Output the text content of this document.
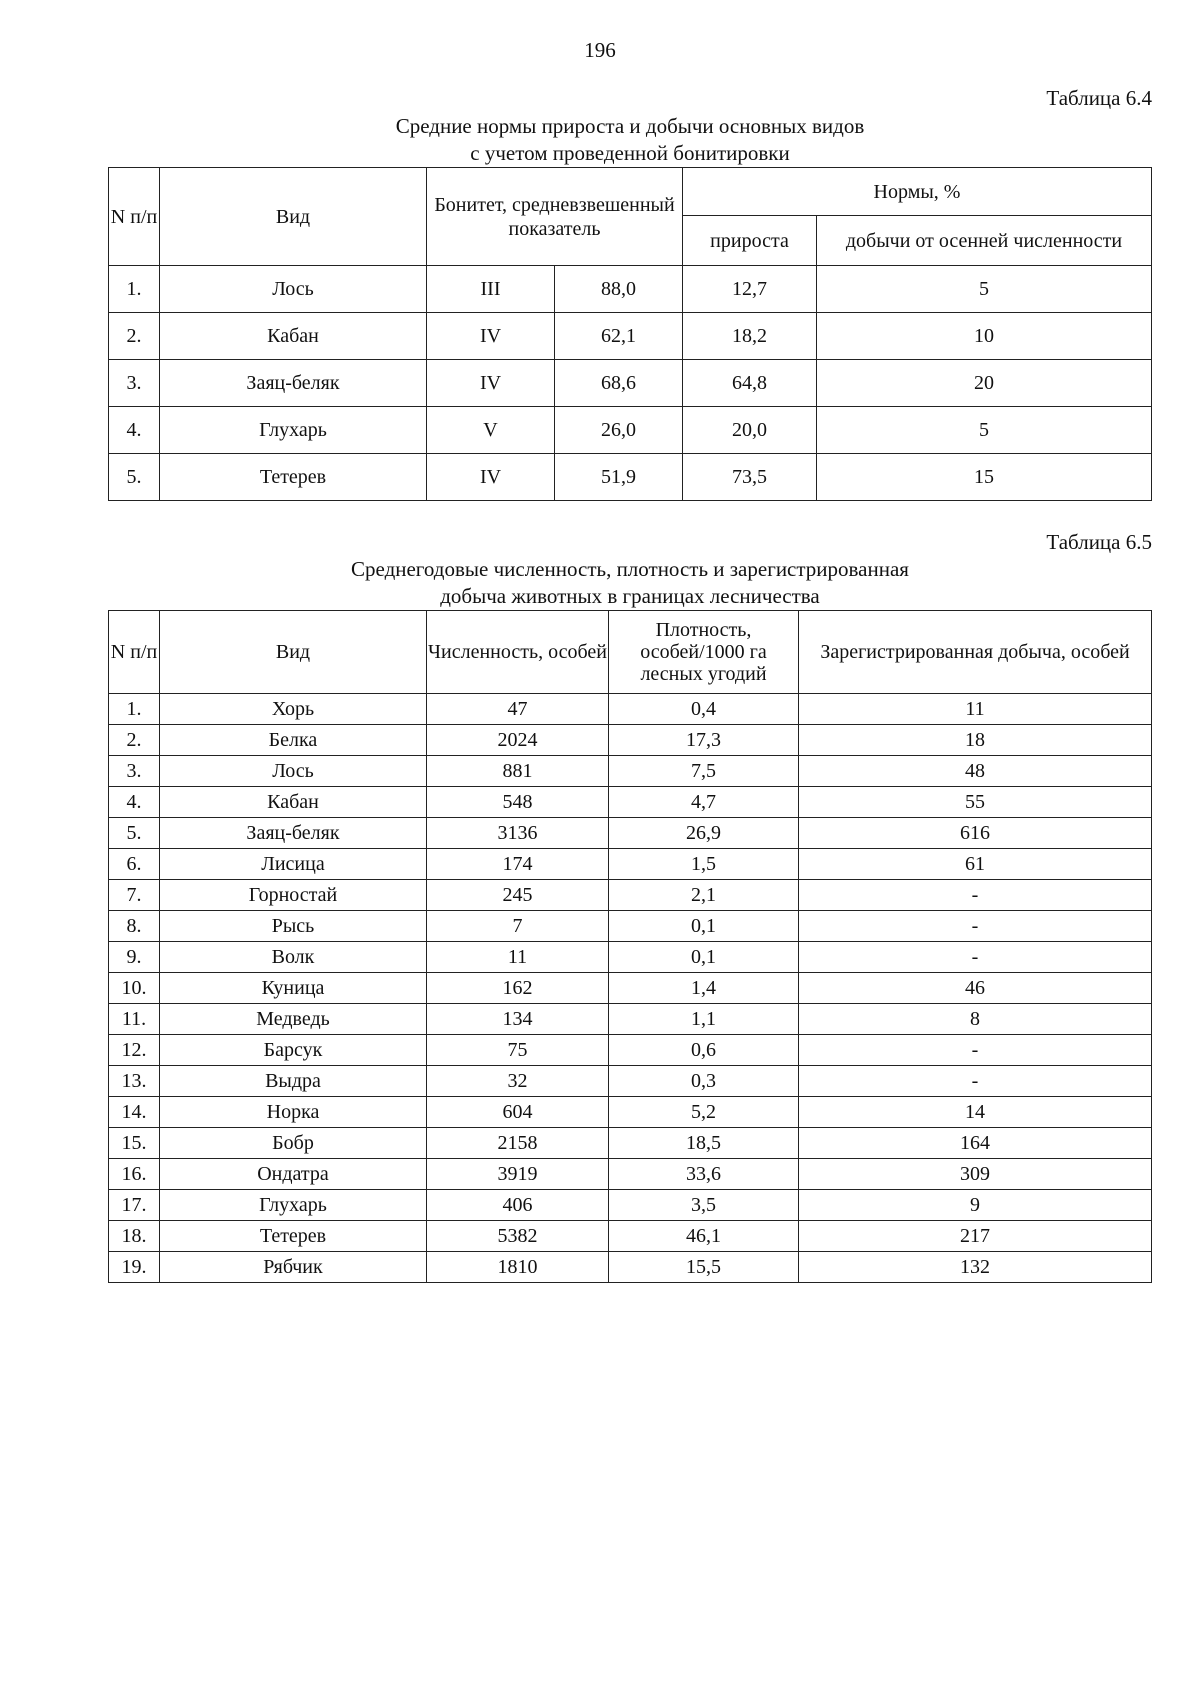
196
Таблица 6.4
Средние нормы прироста и добычи основных видов
с учетом проведенной бонитировки
N п/п	Вид	Бонитет, средневзвешенный показатель		Нормы, %	
				прироста	добычи от осенней численности
1.	Лось	III	88,0	12,7	5
2.	Кабан	IV	62,1	18,2	10
3.	Заяц-беляк	IV	68,6	64,8	20
4.	Глухарь	V	26,0	20,0	5
5.	Тетерев	IV	51,9	73,5	15
Таблица 6.5
Среднегодовые численность, плотность и зарегистрированная
добыча животных в границах лесничества
N п/п	Вид	Численность, особей	Плотность, особей/1000 га лесных угодий	Зарегистрированная добыча, особей
1.	Хорь	47	0,4	11
2.	Белка	2024	17,3	18
3.	Лось	881	7,5	48
4.	Кабан	548	4,7	55
5.	Заяц-беляк	3136	26,9	616
6.	Лисица	174	1,5	61
7.	Горностай	245	2,1	-
8.	Рысь	7	0,1	-
9.	Волк	11	0,1	-
10.	Куница	162	1,4	46
11.	Медведь	134	1,1	8
12.	Барсук	75	0,6	-
13.	Выдра	32	0,3	-
14.	Норка	604	5,2	14
15.	Бобр	2158	18,5	164
16.	Ондатра	3919	33,6	309
17.	Глухарь	406	3,5	9
18.	Тетерев	5382	46,1	217
19.	Рябчик	1810	15,5	132
